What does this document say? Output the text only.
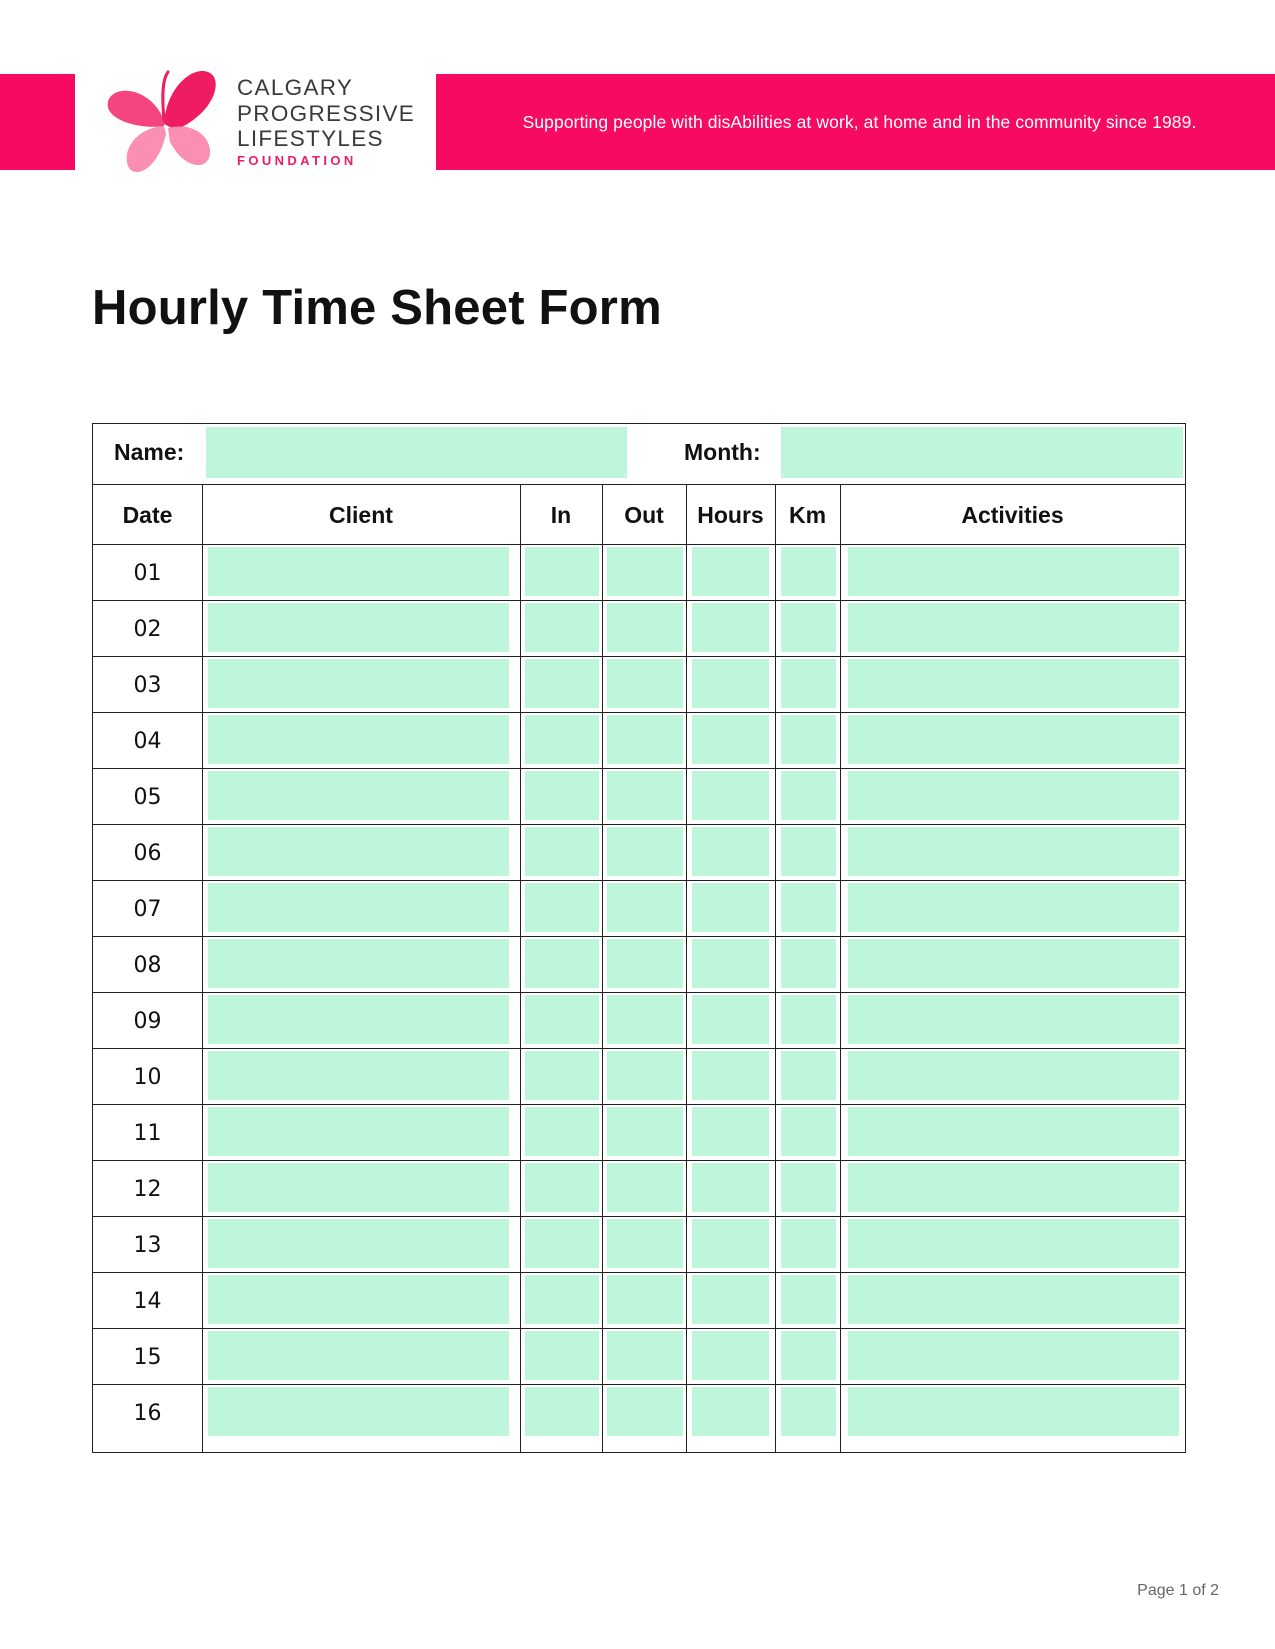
Supporting people with disAbilities at work, at home and in the community since 1989.
CALGARY
PROGRESSIVE
LIFESTYLES
FOUNDATION
Hourly Time Sheet Form
Name:	Month:
Date	Client	In	Out	Hours	Km	Activities
01
02
03
04
05
06
07
08
09
10
11
12
13
14
15
16
Page 1 of 2
